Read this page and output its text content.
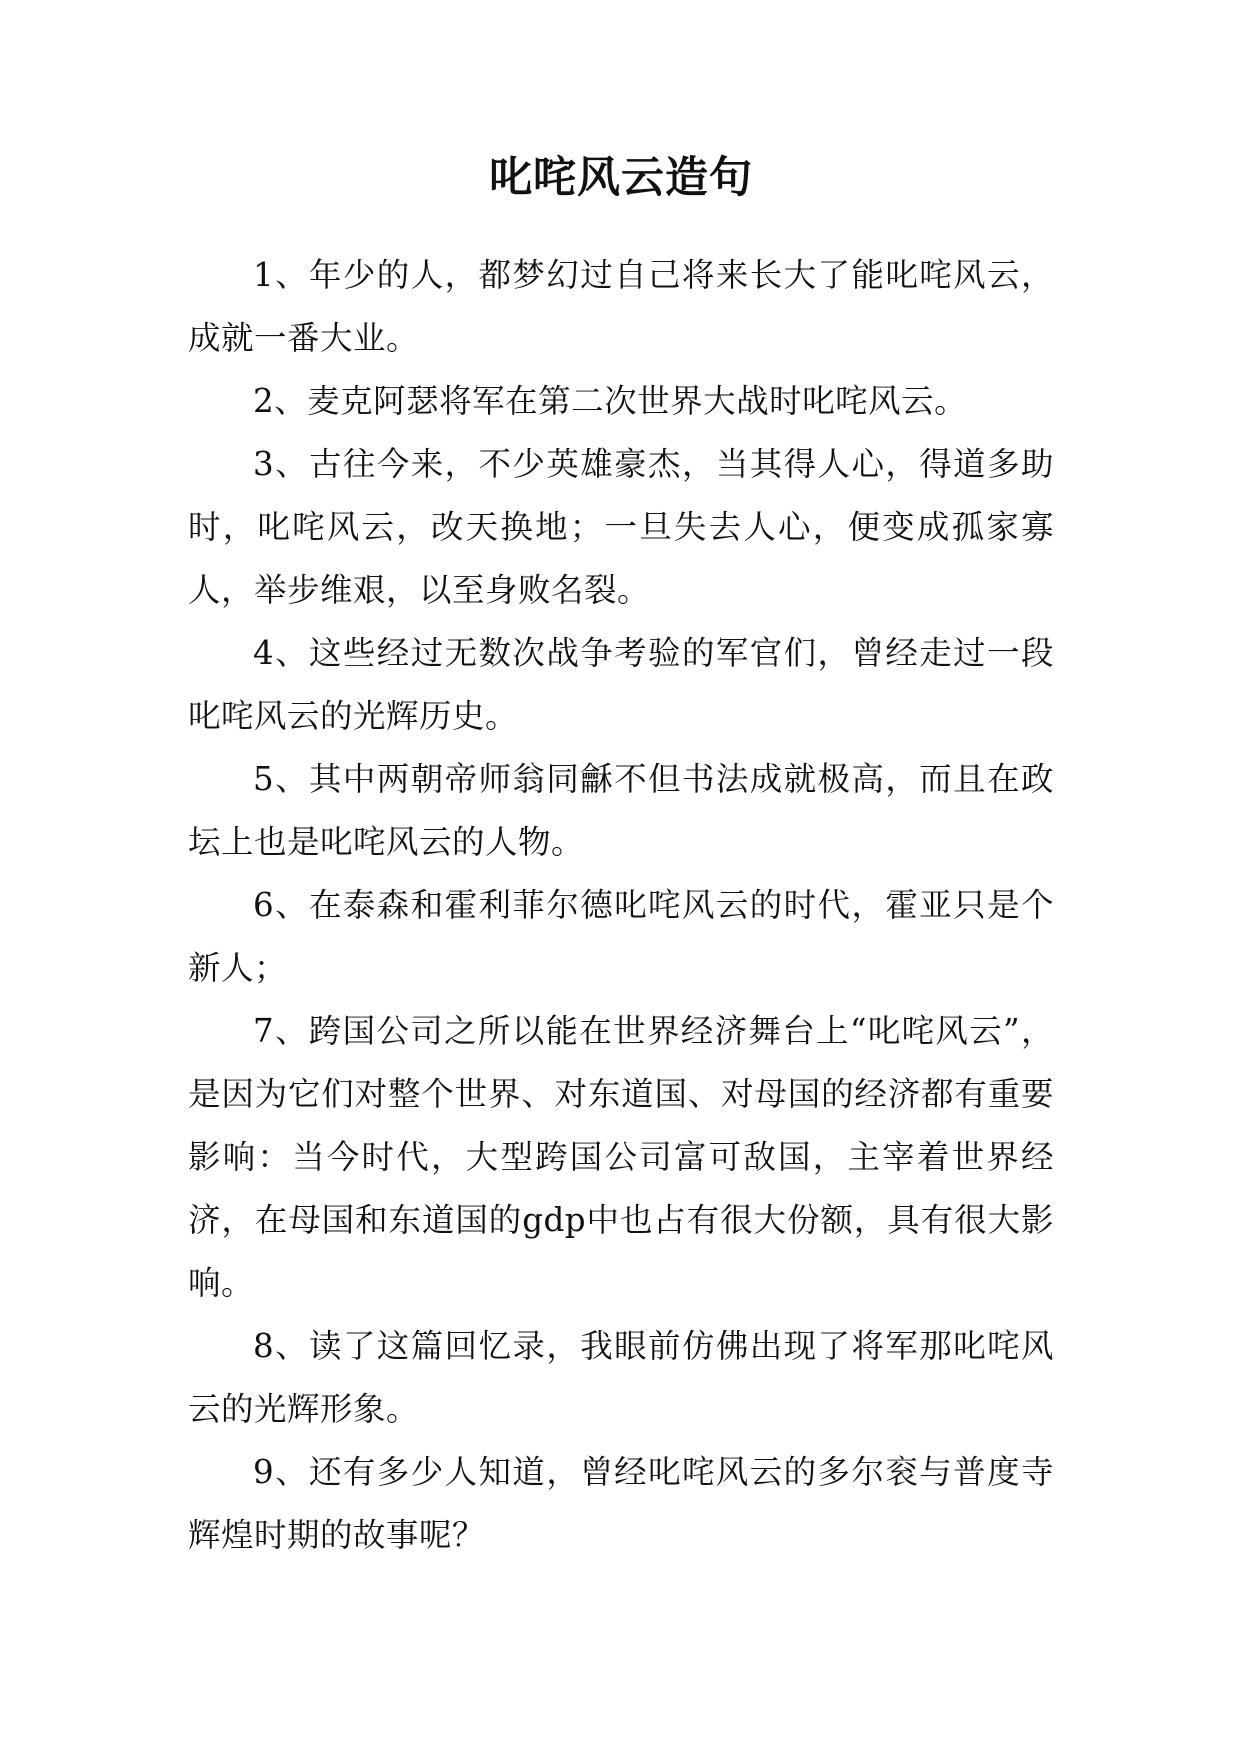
叱咤风云造句

1、年少的人，都梦幻过自己将来长大了能叱咤风云，成就一番大业。

2、麦克阿瑟将军在第二次世界大战时叱咤风云。

3、古往今来，不少英雄豪杰，当其得人心，得道多助时，叱咤风云，改天换地；一旦失去人心，便变成孤家寡人，举步维艰，以至身败名裂。

4、这些经过无数次战争考验的军官们，曾经走过一段叱咤风云的光辉历史。

5、其中两朝帝师翁同龢不但书法成就极高，而且在政坛上也是叱咤风云的人物。

6、在泰森和霍利菲尔德叱咤风云的时代，霍亚只是个新人；

7、跨国公司之所以能在世界经济舞台上“叱咤风云”，是因为它们对整个世界、对东道国、对母国的经济都有重要影响：当今时代，大型跨国公司富可敌国，主宰着世界经济，在母国和东道国的gdp中也占有很大份额，具有很大影响。

8、读了这篇回忆录，我眼前仿佛出现了将军那叱咤风云的光辉形象。

9、还有多少人知道，曾经叱咤风云的多尔衮与普度寺辉煌时期的故事呢？
